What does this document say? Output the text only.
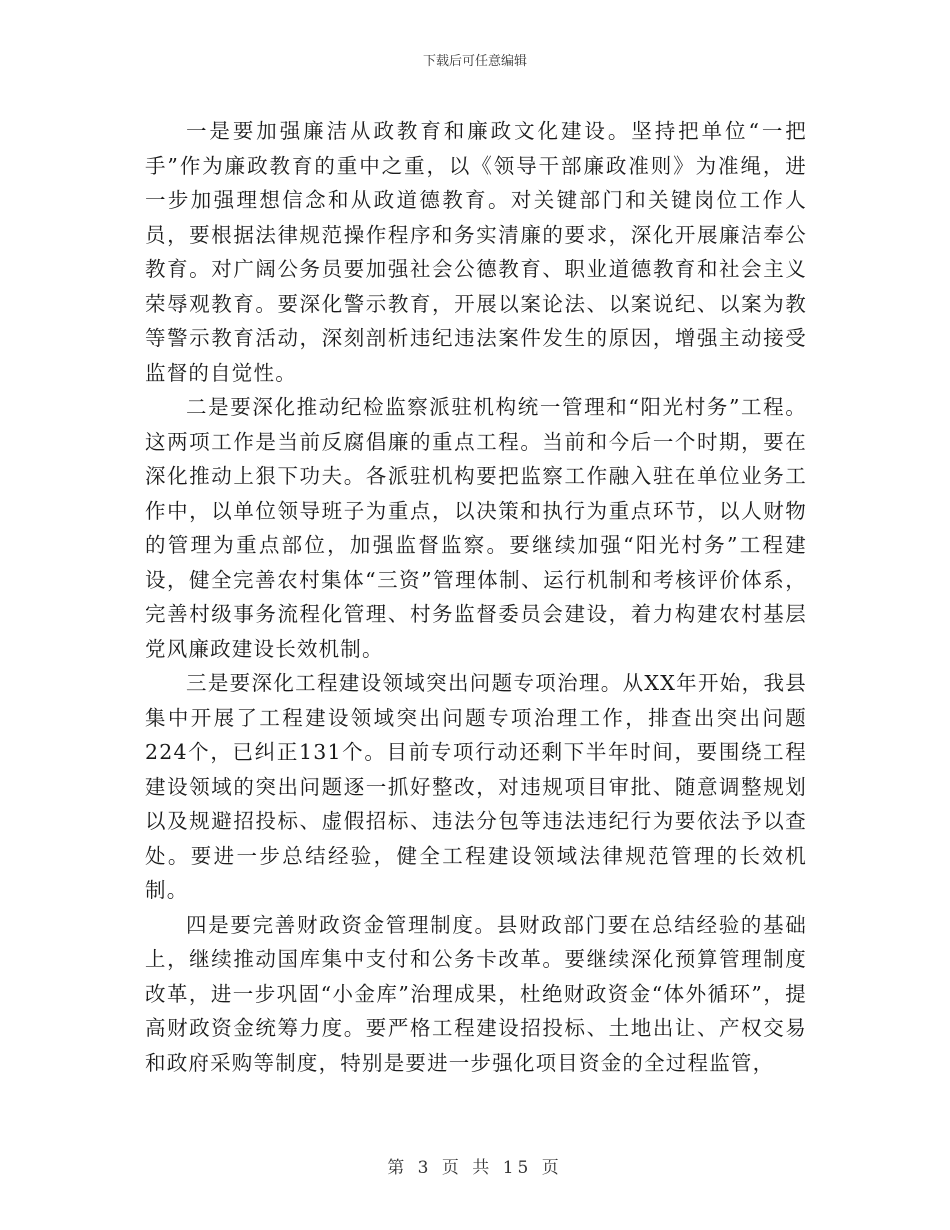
下载后可任意编辑

一是要加强廉洁从政教育和廉政文化建设。坚持把单位“一把手”作为廉政教育的重中之重，以《领导干部廉政准则》为准绳，进一步加强理想信念和从政道德教育。对关键部门和关键岗位工作人员，要根据法律规范操作程序和务实清廉的要求，深化开展廉洁奉公教育。对广阔公务员要加强社会公德教育、职业道德教育和社会主义荣辱观教育。要深化警示教育，开展以案论法、以案说纪、以案为教等警示教育活动，深刻剖析违纪违法案件发生的原因，增强主动接受监督的自觉性。

二是要深化推动纪检监察派驻机构统一管理和“阳光村务”工程。这两项工作是当前反腐倡廉的重点工程。当前和今后一个时期，要在深化推动上狠下功夫。各派驻机构要把监察工作融入驻在单位业务工作中，以单位领导班子为重点，以决策和执行为重点环节，以人财物的管理为重点部位，加强监督监察。要继续加强“阳光村务”工程建设，健全完善农村集体“三资”管理体制、运行机制和考核评价体系，完善村级事务流程化管理、村务监督委员会建设，着力构建农村基层党风廉政建设长效机制。

三是要深化工程建设领域突出问题专项治理。从XX年开始，我县集中开展了工程建设领域突出问题专项治理工作，排查出突出问题224个，已纠正131个。目前专项行动还剩下半年时间，要围绕工程建设领域的突出问题逐一抓好整改，对违规项目审批、随意调整规划以及规避招投标、虚假招标、违法分包等违法违纪行为要依法予以查处。要进一步总结经验，健全工程建设领域法律规范管理的长效机制。

四是要完善财政资金管理制度。县财政部门要在总结经验的基础上，继续推动国库集中支付和公务卡改革。要继续深化预算管理制度改革，进一步巩固“小金库”治理成果，杜绝财政资金“体外循环”，提高财政资金统筹力度。要严格工程建设招投标、土地出让、产权交易和政府采购等制度，特别是要进一步强化项目资金的全过程监管，

第 3 页 共 15 页
